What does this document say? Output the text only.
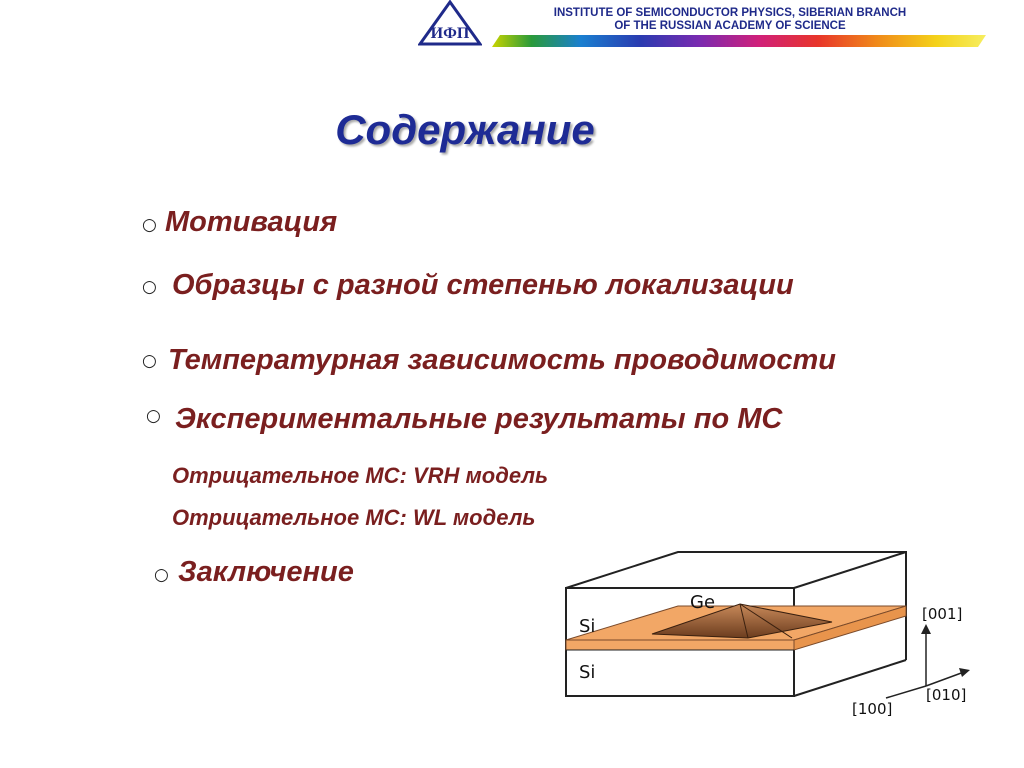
ИФП
INSTITUTE OF SEMICONDUCTOR PHYSICS, SIBERIAN BRANCH
OF THE RUSSIAN ACADEMY OF SCIENCE
Содержание
○ Мотивация
○ Образцы с разной степенью локализации
○ Температурная зависимость проводимости
○ Экспериментальные результаты по МС
Отрицательное МС: VRH модель
Отрицательное МС: WL модель
○ Заключение
Ge
Si
Si
[001]
[010]
[100]
